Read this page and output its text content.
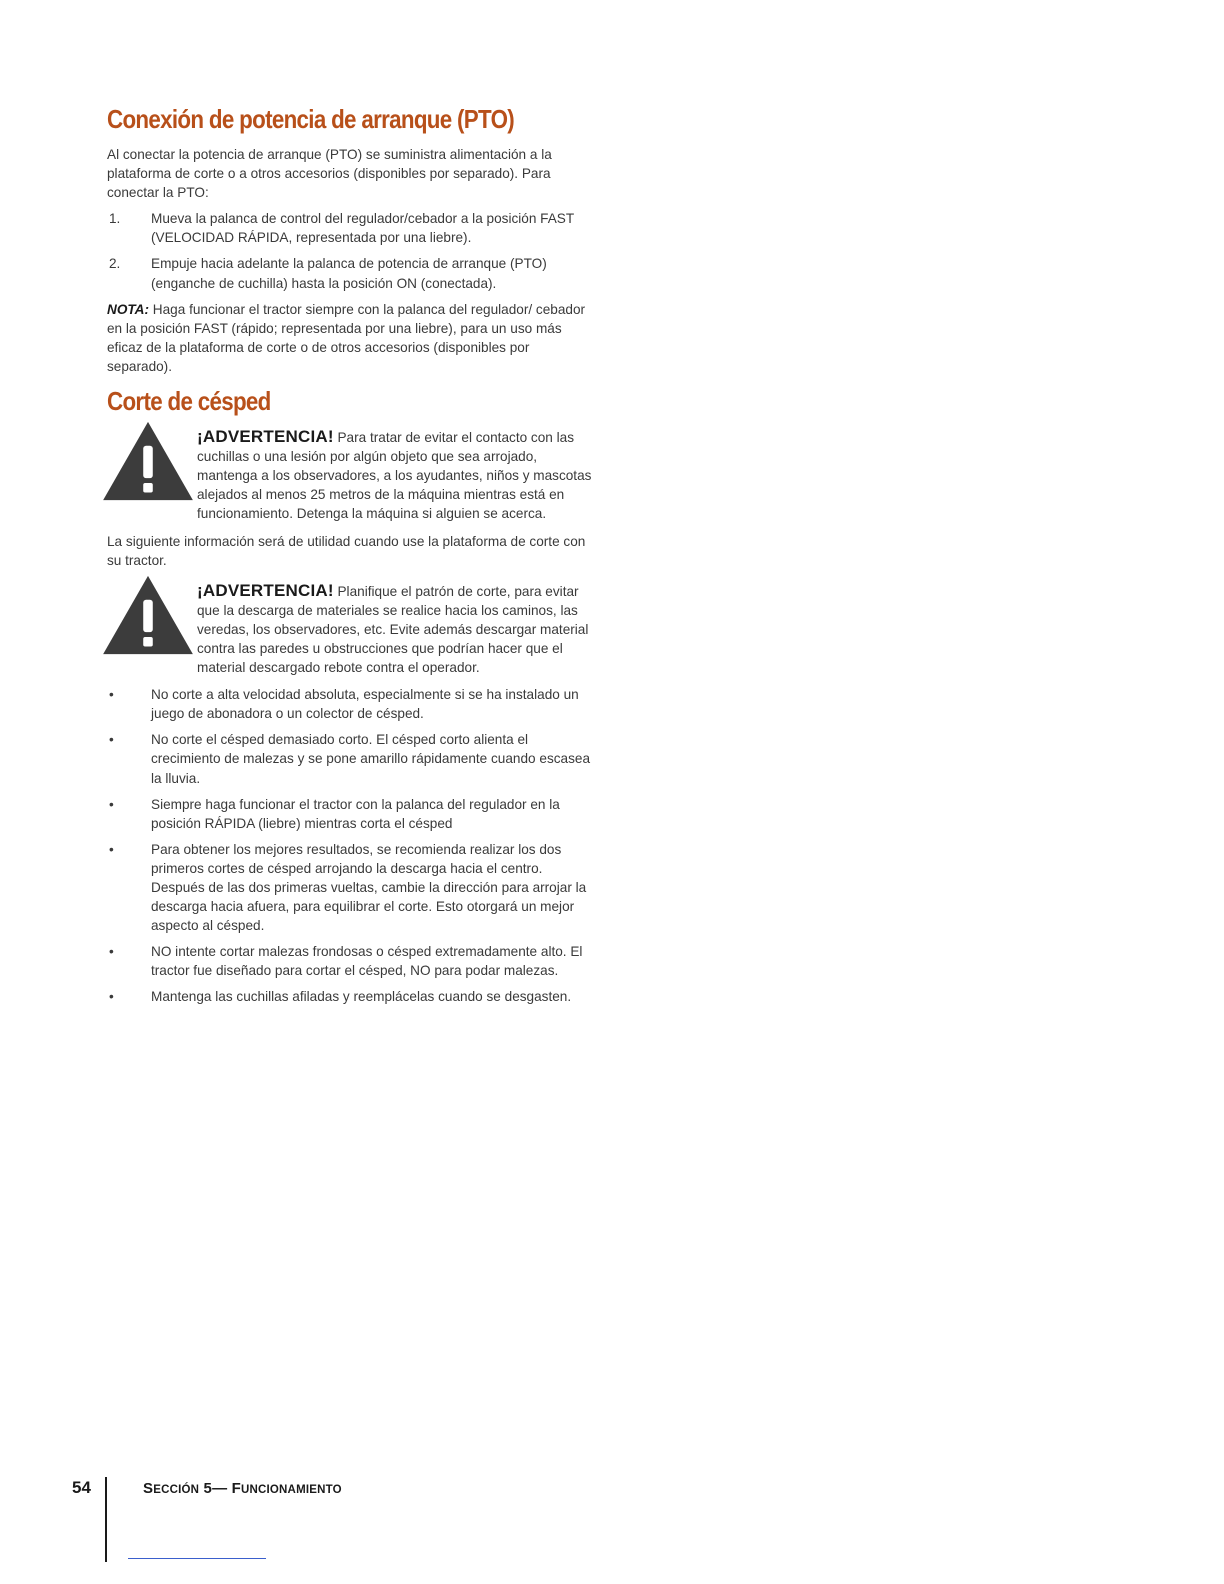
Conexión de potencia de arranque (PTO)

Al conectar la potencia de arranque (PTO) se suministra alimentación a la plataforma de corte o a otros accesorios (disponibles por separado). Para conectar la PTO:

1. Mueva la palanca de control del regulador/cebador a la posición FAST (VELOCIDAD RÁPIDA, representada por una liebre).
2. Empuje hacia adelante la palanca de potencia de arranque (PTO) (enganche de cuchilla) hasta la posición ON (conectada).

NOTA: Haga funcionar el tractor siempre con la palanca del regulador/ cebador en la posición FAST (rápido; representada por una liebre), para un uso más eficaz de la plataforma de corte o de otros accesorios (disponibles por separado).

Corte de césped
¡ADVERTENCIA! Para tratar de evitar el contacto con las cuchillas o una lesión por algún objeto que sea arrojado, mantenga a los observadores, a los ayudantes, niños y mascotas alejados al menos 25 metros de la máquina mientras está en funcionamiento. Detenga la máquina si alguien se acerca.

La siguiente información será de utilidad cuando use la plataforma de corte con su tractor.

¡ADVERTENCIA! Planifique el patrón de corte, para evitar que la descarga de materiales se realice hacia los caminos, las veredas, los observadores, etc. Evite además descargar material contra las paredes u obstrucciones que podrían hacer que el material descargado rebote contra el operador.
•	No corte a alta velocidad absoluta, especialmente si se ha instalado un juego de abonadora o un colector de césped.
•	No corte el césped demasiado corto. El césped corto alienta el crecimiento de malezas y se pone amarillo rápidamente cuando escasea la lluvia.
•	Siempre haga funcionar el tractor con la palanca del regulador en la posición RÁPIDA (liebre) mientras corta el césped
•	Para obtener los mejores resultados, se recomienda realizar los dos primeros cortes de césped arrojando la descarga hacia el centro. Después de las dos primeras vueltas, cambie la dirección para arrojar la descarga hacia afuera, para equilibrar el corte. Esto otorgará un mejor aspecto al césped.
•	NO intente cortar malezas frondosas o césped extremadamente alto. El tractor fue diseñado para cortar el césped, NO para podar malezas.
•	Mantenga las cuchillas afiladas y reemplácelas cuando se desgasten.
54	SECCIÓN 5— FUNCIONAMIENTO
